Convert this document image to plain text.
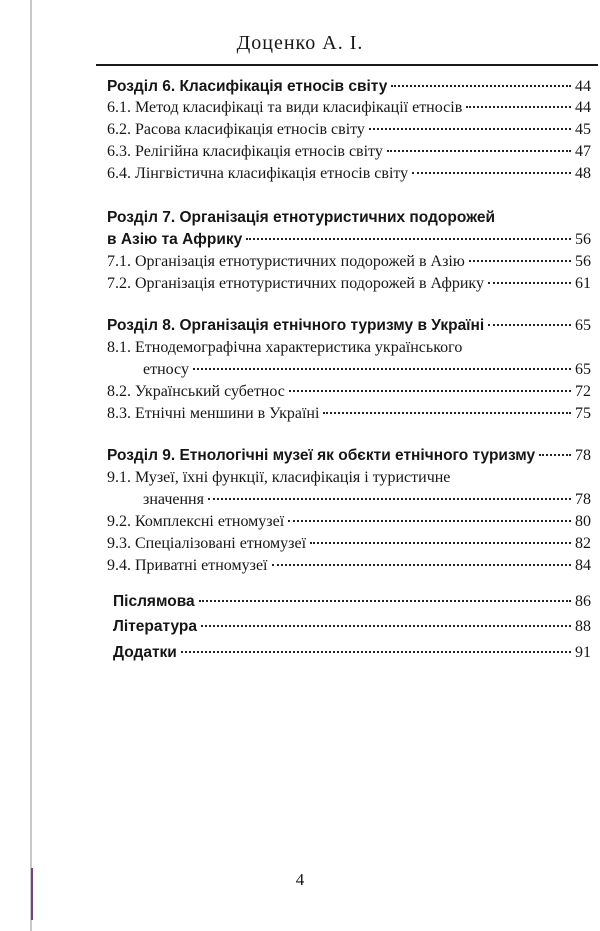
Доценко А. І.
Розділ 6. Класифікація етносів світу	44
6.1. Метод класифікаці та види класифікації етносів	44
6.2. Расова класифікація етносів світу	45
6.3. Релігійна класифікація етносів світу	47
6.4. Лінгвістична класифікація етносів світу	48
Розділ 7. Організація етнотуристичних подорожей
в Азію та Африку	56
7.1. Організація етнотуристичних подорожей в Азію	56
7.2. Організація етнотуристичних подорожей в Африку	61
Розділ 8. Організація етнічного туризму в Україні	65
8.1. Етнодемографічна характеристика українського
етносу	65
8.2. Український субетнос	72
8.3. Етнічні меншини в Україні	75
Розділ 9. Етнологічні музеї як обєкти етнічного туризму 78
9.1. Музеї, їхні функції, класифікація і туристичне
значення	78
9.2. Комплексні етномузеї	80
9.3. Спеціалізовані етномузеї	82
9.4. Приватні етномузеї	84
Післямова	86
Література	88
Додатки	91
4
